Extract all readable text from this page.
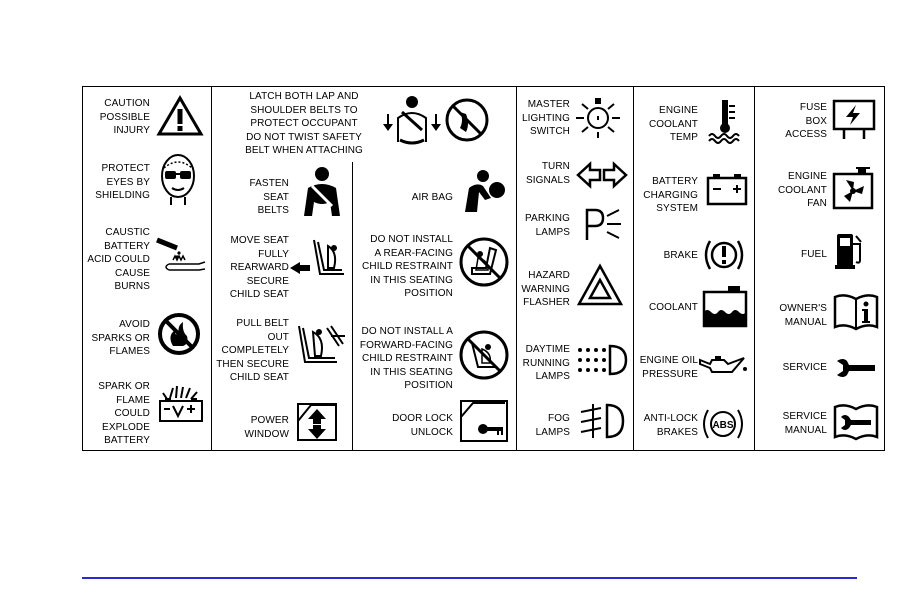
CAUTION
POSSIBLE
INJURY
PROTECT
EYES BY
SHIELDING
CAUSTIC
BATTERY
ACID COULD
CAUSE
BURNS
AVOID
SPARKS OR
FLAMES
SPARK OR
FLAME
COULD
EXPLODE
BATTERY
LATCH BOTH LAP AND
SHOULDER BELTS TO
PROTECT OCCUPANT
DO NOT TWIST SAFETY
BELT WHEN ATTACHING
FASTEN
SEAT
BELTS
MOVE SEAT
FULLY
REARWARD
SECURE
CHILD SEAT
PULL BELT
OUT
COMPLETELY
THEN SECURE
CHILD SEAT
POWER
WINDOW
AIR BAG
DO NOT INSTALL
A REAR-FACING
CHILD RESTRAINT
IN THIS SEATING
POSITION
DO NOT INSTALL A
FORWARD-FACING
CHILD RESTRAINT
IN THIS SEATING
POSITION
DOOR LOCK
UNLOCK
MASTER
LIGHTING
SWITCH
TURN
SIGNALS
PARKING
LAMPS
HAZARD
WARNING
FLASHER
DAYTIME
RUNNING
LAMPS
FOG
LAMPS
ENGINE
COOLANT
TEMP
BATTERY
CHARGING
SYSTEM
BRAKE
COOLANT
ENGINE OIL
PRESSURE
ANTI-LOCK
BRAKES
ABS
FUSE
BOX
ACCESS
ENGINE
COOLANT
FAN
FUEL
OWNER'S
MANUAL
SERVICE
SERVICE
MANUAL
